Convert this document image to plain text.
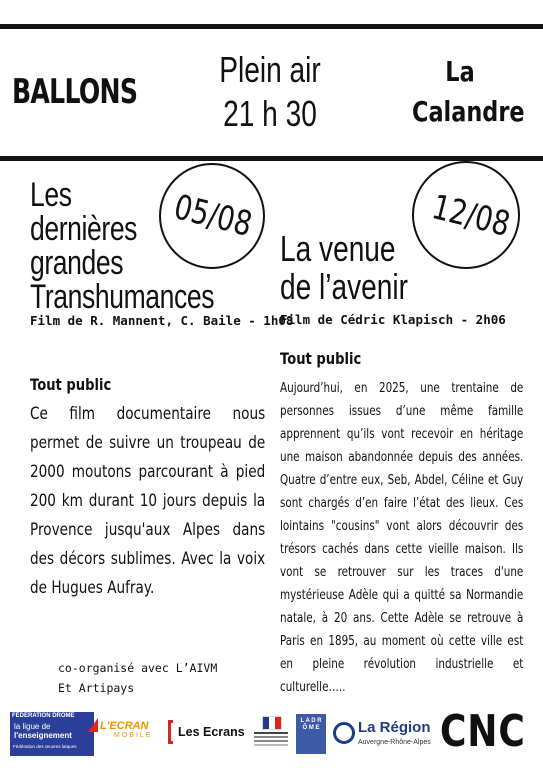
BALLONS
Plein air
21 h 30
La
Calandre
Les
dernières
grandes
Transhumances
05/08
Film de R. Mannent, C. Baile - 1h08
Tout public
Ce film documentaire nous permet de suivre un troupeau de 2000 moutons parcourant à pied 200 km durant 10 jours depuis la Provence jusqu'aux Alpes dans des décors sublimes. Avec la voix de Hugues Aufray.
La venue
de l’avenir
12/08
Film de Cédric Klapisch - 2h06
Tout public
Aujourd’hui, en 2025, une trentaine de personnes issues d’une même famille apprennent qu’ils vont recevoir en héritage une maison abandonnée depuis des années. Quatre d’entre eux, Seb, Abdel, Céline et Guy sont chargés d’en faire l’état des lieux. Ces lointains "cousins" vont alors découvrir des trésors cachés dans cette vieille maison. Ils vont se retrouver sur les traces d'une mystérieuse Adèle qui a quitté sa Normandie natale, à 20 ans. Cette Adèle se retrouve à Paris en 1895, au moment où cette ville est en pleine révolution industrielle et culturelle…..
co-organisé avec L’AIVM
Et Artipays
FÉDÉRATION DRÔME
la ligue de
l'enseignement
Fédération des œuvres laïques
L'ECRAN
MOBILE	Les Ecrans
L A D R Ô M E	La Région
Auvergne-Rhône-Alpes CNC
